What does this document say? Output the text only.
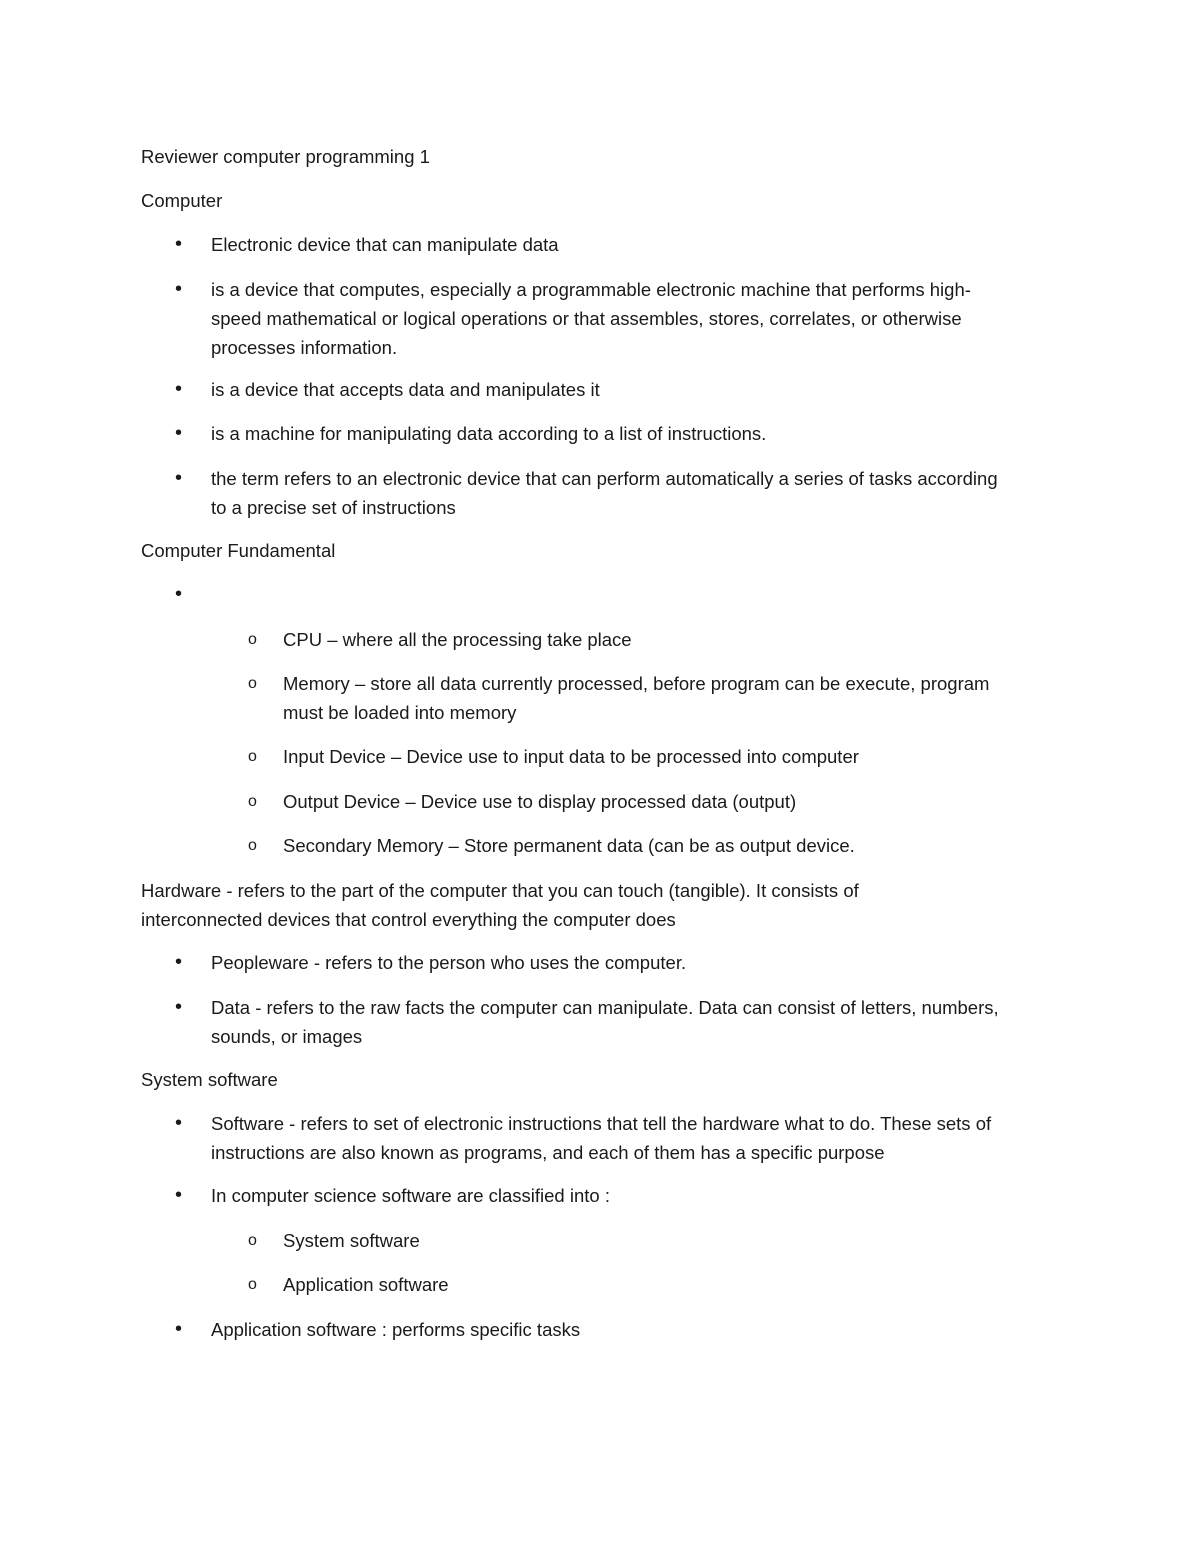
Reviewer computer programming 1

Computer

• Electronic device that can manipulate data
• is a device that computes, especially a programmable electronic machine that performs high-
speed mathematical or logical operations or that assembles, stores, correlates, or otherwise
processes information.
• is a device that accepts data and manipulates it
• is a machine for manipulating data according to a list of instructions.
• the term refers to an electronic device that can perform automatically a series of tasks according
to a precise set of instructions

Computer Fundamental

•
o CPU – where all the processing take place
o Memory – store all data currently processed, before program can be execute, program
must be loaded into memory
o Input Device – Device use to input data to be processed into computer
o Output Device – Device use to display processed data (output)
o Secondary Memory – Store permanent data (can be as output device.
Hardware - refers to the part of the computer that you can touch (tangible). It consists of
interconnected devices that control everything the computer does
• Peopleware - refers to the person who uses the computer.
• Data - refers to the raw facts the computer can manipulate. Data can consist of letters, numbers,
sounds, or images

System software

• Software - refers to set of electronic instructions that tell the hardware what to do. These sets of
instructions are also known as programs, and each of them has a specific purpose
• In computer science software are classified into :
o System software
o Application software
• Application software : performs specific tasks
